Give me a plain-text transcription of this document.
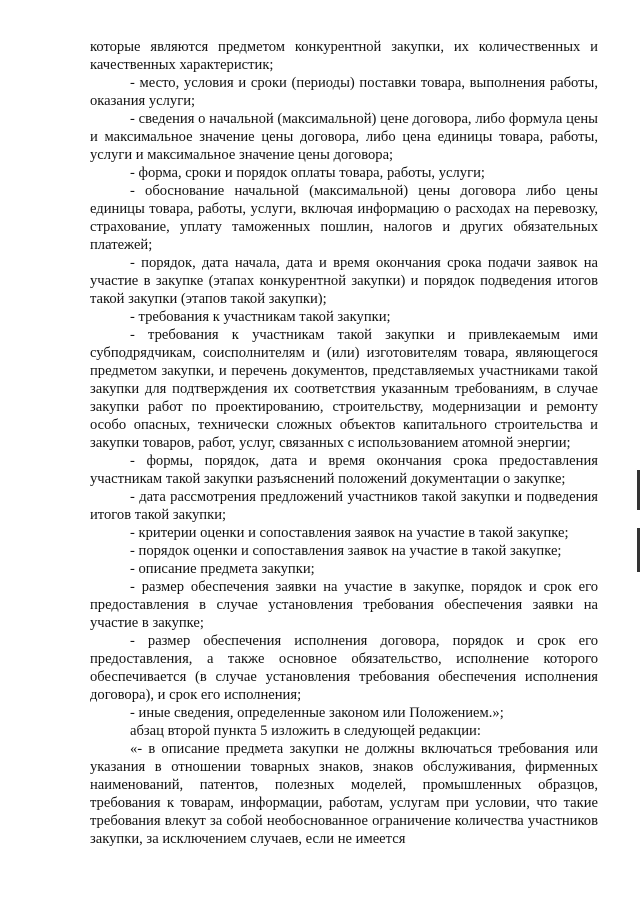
которые являются предметом конкурентной закупки, их количественных и качественных характеристик;

- место, условия и сроки (периоды) поставки товара, выполнения работы, оказания услуги;

- сведения о начальной (максимальной) цене договора, либо формула цены и максимальное значение цены договора, либо цена единицы товара, работы, услуги и максимальное значение цены договора;

- форма, сроки и порядок оплаты товара, работы, услуги;

- обоснование начальной (максимальной) цены договора либо цены единицы товара, работы, услуги, включая информацию о расходах на перевозку, страхование, уплату таможенных пошлин, налогов и других обязательных платежей;

- порядок, дата начала, дата и время окончания срока подачи заявок на участие в закупке (этапах конкурентной закупки) и порядок подведения итогов такой закупки (этапов такой закупки);

- требования к участникам такой закупки;

- требования к участникам такой закупки и привлекаемым ими субподрядчикам, соисполнителям и (или) изготовителям товара, являющегося предметом закупки, и перечень документов, представляемых участниками такой закупки для подтверждения их соответствия указанным требованиям, в случае закупки работ по проектированию, строительству, модернизации и ремонту особо опасных, технически сложных объектов капитального строительства и закупки товаров, работ, услуг, связанных с использованием атомной энергии;

- формы, порядок, дата и время окончания срока предоставления участникам такой закупки разъяснений положений документации о закупке;

- дата рассмотрения предложений участников такой закупки и подведения итогов такой закупки;

- критерии оценки и сопоставления заявок на участие в такой закупке;

- порядок оценки и сопоставления заявок на участие в такой закупке;

- описание предмета закупки;

- размер обеспечения заявки на участие в закупке, порядок и срок его предоставления в случае установления требования обеспечения заявки на участие в закупке;

- размер обеспечения исполнения договора, порядок и срок его предоставления, а также основное обязательство, исполнение которого обеспечивается (в случае установления требования обеспечения исполнения договора), и срок его исполнения;

- иные сведения, определенные законом или Положением.»;

абзац второй пункта 5 изложить в следующей редакции:

«- в описание предмета закупки не должны включаться требования или указания в отношении товарных знаков, знаков обслуживания, фирменных наименований, патентов, полезных моделей, промышленных образцов, требования к товарам, информации, работам, услугам при условии, что такие требования влекут за собой необоснованное ограничение количества участников закупки, за исключением случаев, если не имеется
